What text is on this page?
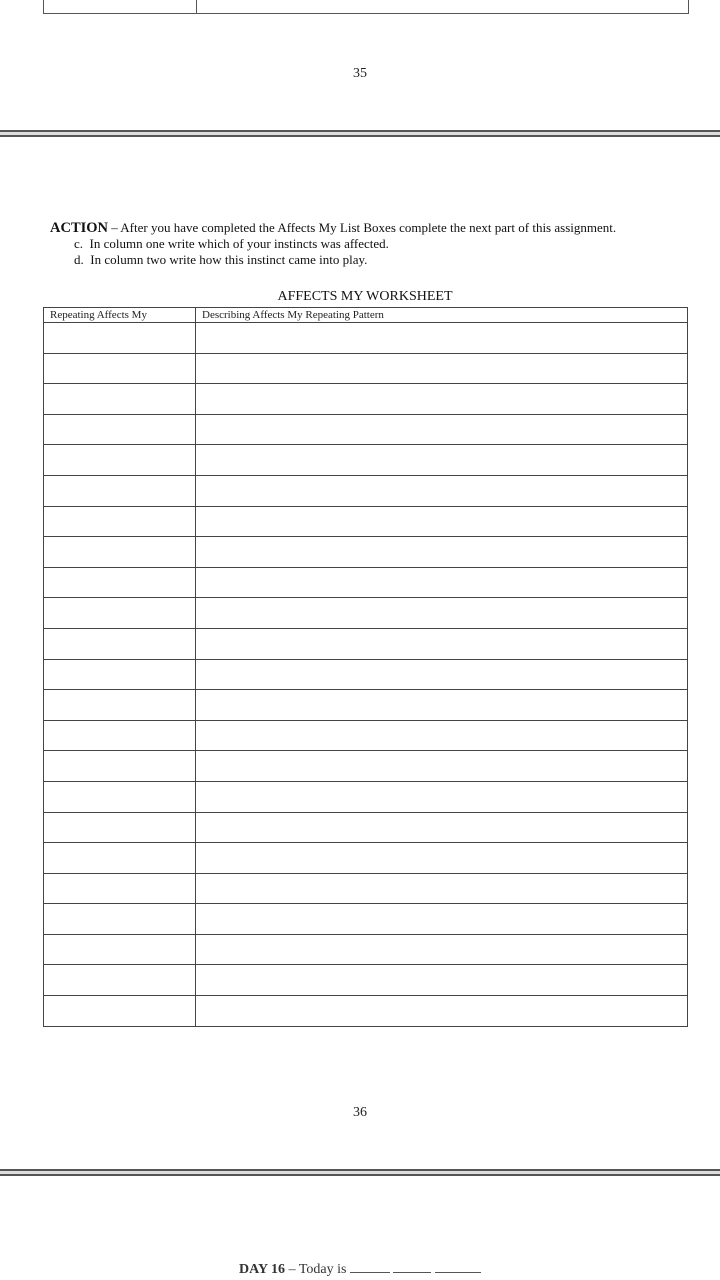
35
ACTION – After you have completed the Affects My List Boxes complete the next part of this assignment.
c. In column one write which of your instincts was affected.
d. In column two write how this instinct came into play.
AFFECTS MY WORKSHEET
Repeating Affects My	Describing Affects My Repeating Pattern

36
DAY 16 – Today is
